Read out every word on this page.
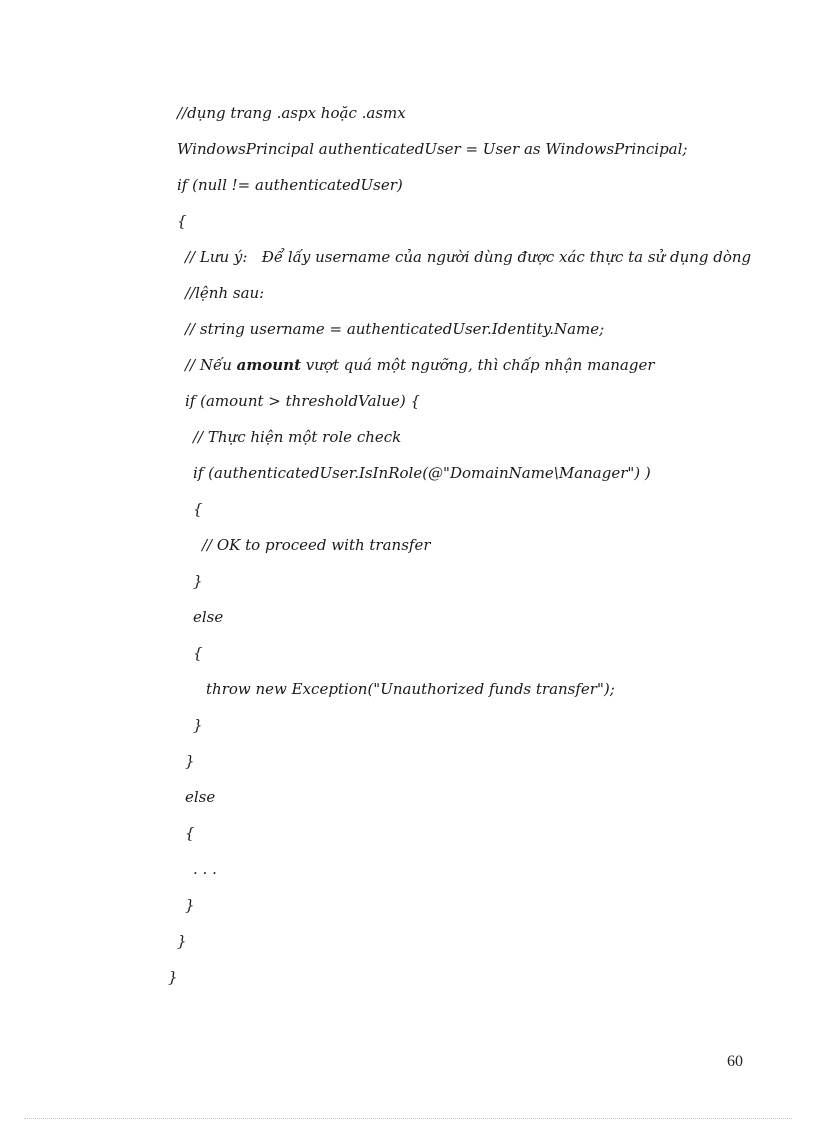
//dụng trang .aspx hoặc .asmx
WindowsPrincipal authenticatedUser = User as WindowsPrincipal;
if (null != authenticatedUser)
{
// Lưu ý:   Để lấy username của người dùng được xác thực ta sử dụng dòng
//lệnh sau:
// string username = authenticatedUser.Identity.Name;
// Nếu amount vượt quá một ngưỡng, thì chấp nhận manager
if (amount > thresholdValue) {
// Thực hiện một role check
if (authenticatedUser.IsInRole(@"DomainName\Manager") )
{
// OK to proceed with transfer
}
else
{
throw new Exception("Unauthorized funds transfer");
}
}
else
{
. . .
}
}
}
60
